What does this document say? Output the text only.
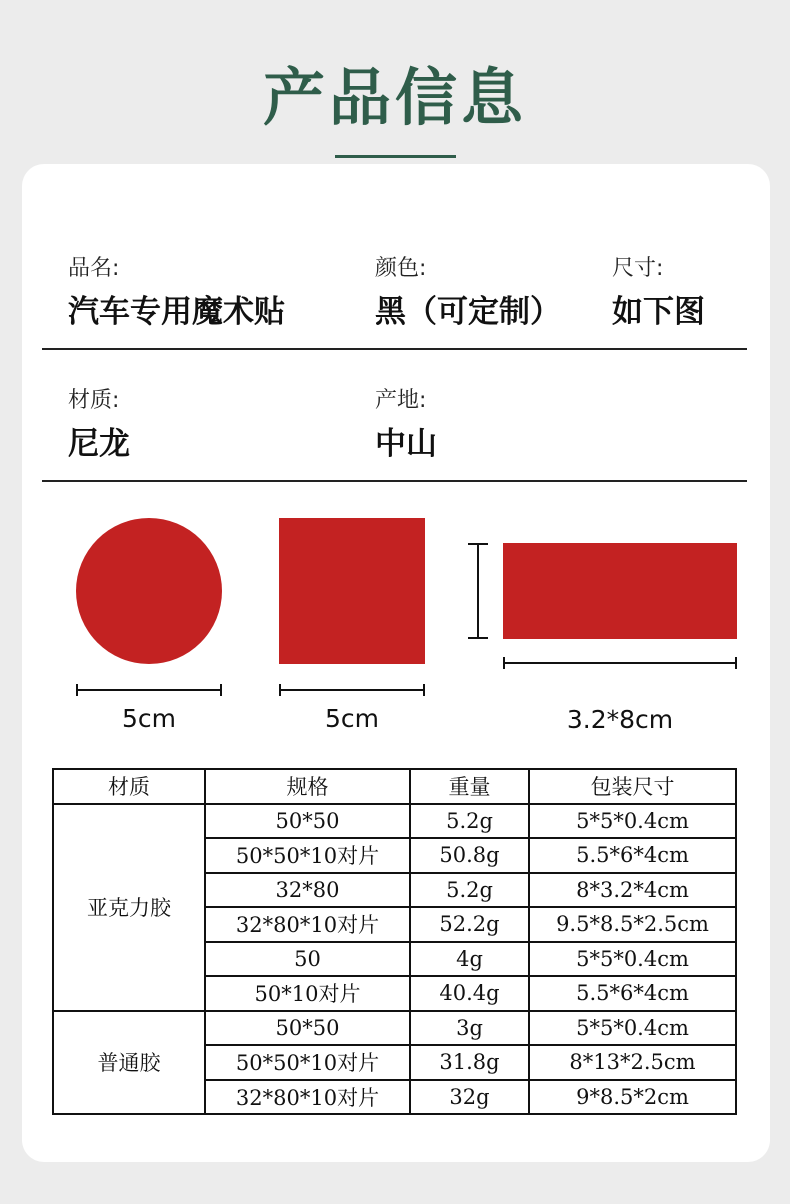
产品信息
品名:
汽车专用魔术贴
颜色:
黑（可定制）
尺寸:
如下图
材质:
尼龙
产地:
中山
5cm	5cm	3.2*8cm
材质	规格	重量	包装尺寸
亚克力胶	50*50	5.2g	5*5*0.4cm
	50*50*10对片	50.8g	5.5*6*4cm
	32*80	5.2g	8*3.2*4cm
	32*80*10对片	52.2g	9.5*8.5*2.5cm
	50	4g	5*5*0.4cm
	50*10对片	40.4g	5.5*6*4cm
普通胶	50*50	3g	5*5*0.4cm
	50*50*10对片	31.8g	8*13*2.5cm
	32*80*10对片	32g	9*8.5*2cm
